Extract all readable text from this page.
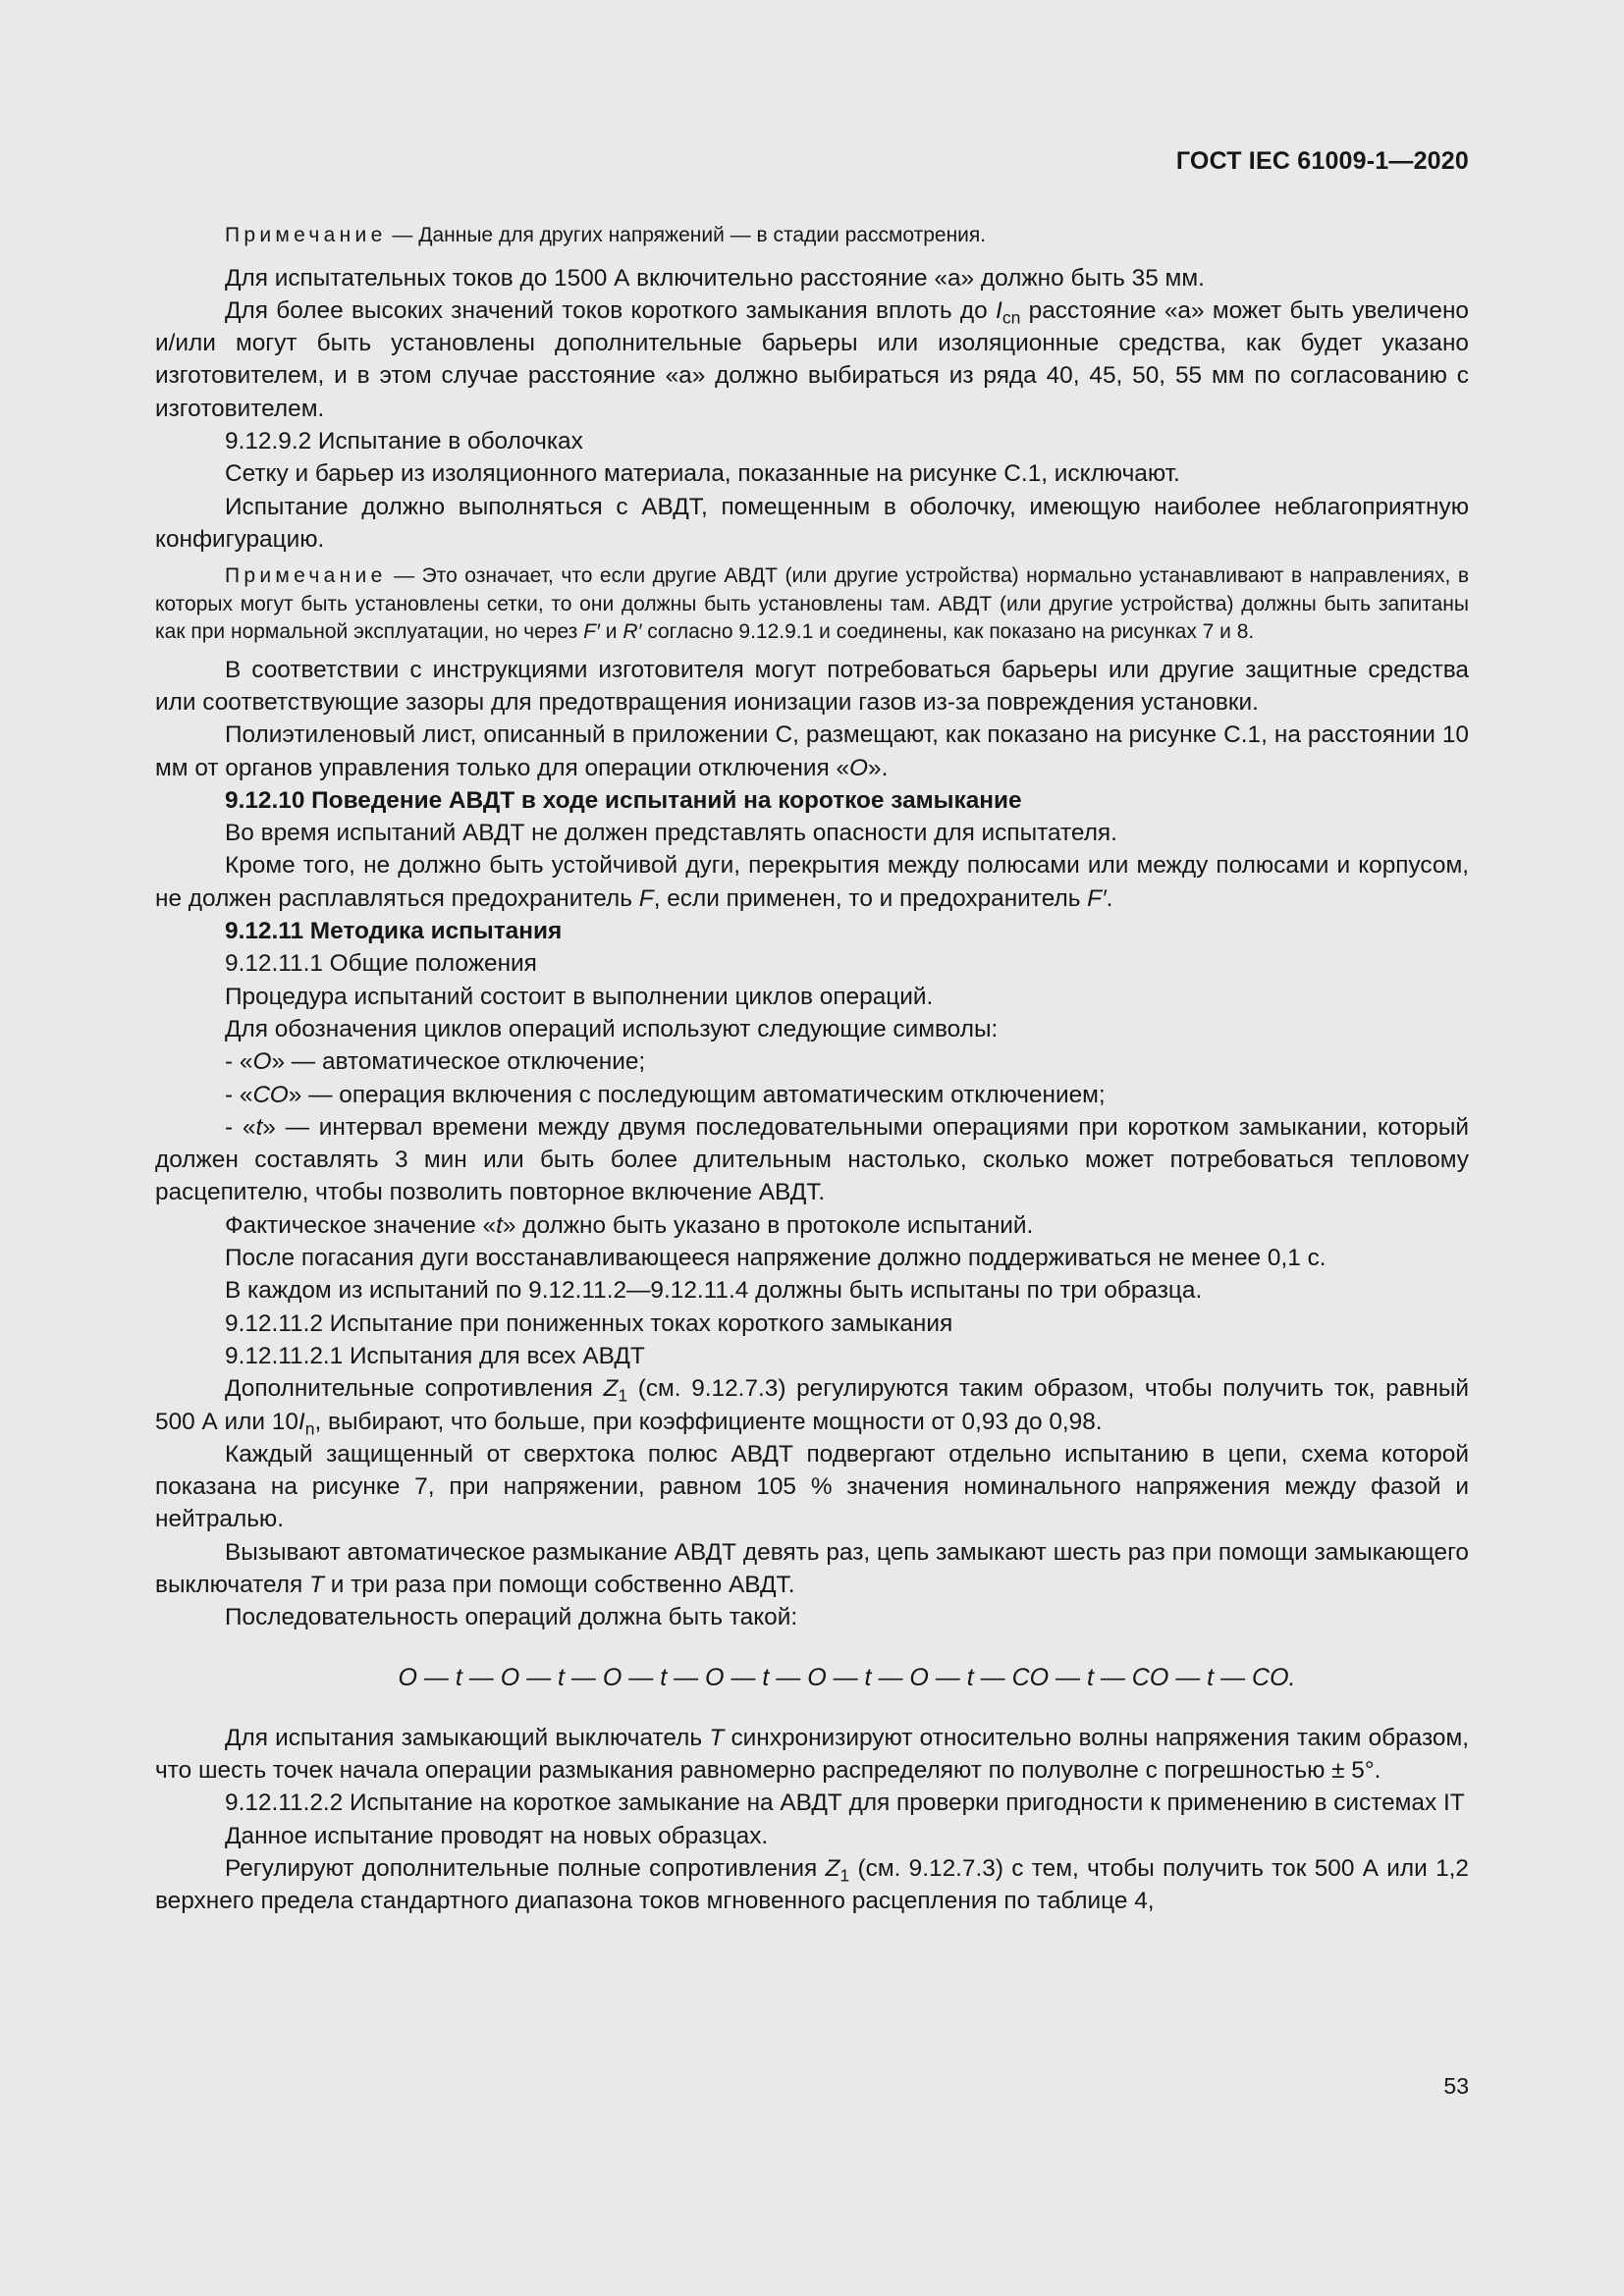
ГОСТ IEC 61009-1—2020

Примечание — Данные для других напряжений — в стадии рассмотрения.

Для испытательных токов до 1500 А включительно расстояние «а» должно быть 35 мм.

Для более высоких значений токов короткого замыкания вплоть до $I_{cn}$ расстояние «а» может быть увеличено и/или могут быть установлены дополнительные барьеры или изоляционные средства, как будет указано изготовителем, и в этом случае расстояние «а» должно выбираться из ряда 40, 45, 50, 55 мм по согласованию с изготовителем.

9.12.9.2 Испытание в оболочках

Сетку и барьер из изоляционного материала, показанные на рисунке С.1, исключают.

Испытание должно выполняться с АВДТ, помещенным в оболочку, имеющую наиболее неблагоприятную конфигурацию.

Примечание — Это означает, что если другие АВДТ (или другие устройства) нормально устанавливают в направлениях, в которых могут быть установлены сетки, то они должны быть установлены там. АВДТ (или другие устройства) должны быть запитаны как при нормальной эксплуатации, но через F′ и R′ согласно 9.12.9.1 и соединены, как показано на рисунках 7 и 8.

В соответствии с инструкциями изготовителя могут потребоваться барьеры или другие защитные средства или соответствующие зазоры для предотвращения ионизации газов из-за повреждения установки.

Полиэтиленовый лист, описанный в приложении С, размещают, как показано на рисунке С.1, на расстоянии 10 мм от органов управления только для операции отключения «О».

9.12.10 Поведение АВДТ в ходе испытаний на короткое замыкание

Во время испытаний АВДТ не должен представлять опасности для испытателя.

Кроме того, не должно быть устойчивой дуги, перекрытия между полюсами или между полюсами и корпусом, не должен расплавляться предохранитель F, если применен, то и предохранитель F′.

9.12.11 Методика испытания

9.12.11.1 Общие положения

Процедура испытаний состоит в выполнении циклов операций.

Для обозначения циклов операций используют следующие символы:

- «О» — автоматическое отключение;

- «СО» — операция включения с последующим автоматическим отключением;

- «t» — интервал времени между двумя последовательными операциями при коротком замыкании, который должен составлять 3 мин или быть более длительным настолько, сколько может потребоваться тепловому расцепителю, чтобы позволить повторное включение АВДТ.

Фактическое значение «t» должно быть указано в протоколе испытаний.

После погасания дуги восстанавливающееся напряжение должно поддерживаться не менее 0,1 с.

В каждом из испытаний по 9.12.11.2—9.12.11.4 должны быть испытаны по три образца.

9.12.11.2 Испытание при пониженных токах короткого замыкания

9.12.11.2.1 Испытания для всех АВДТ

Дополнительные сопротивления $Z_1$ (см. 9.12.7.3) регулируются таким образом, чтобы получить ток, равный 500 А или $10I_n$, выбирают, что больше, при коэффициенте мощности от 0,93 до 0,98.

Каждый защищенный от сверхтока полюс АВДТ подвергают отдельно испытанию в цепи, схема которой показана на рисунке 7, при напряжении, равном 105 % значения номинального напряжения между фазой и нейтралью.

Вызывают автоматическое размыкание АВДТ девять раз, цепь замыкают шесть раз при помощи замыкающего выключателя Т и три раза при помощи собственно АВДТ.

Последовательность операций должна быть такой:

O — t — O — t — O — t — O — t — O — t — O — t — CO — t — CO — t — CO.

Для испытания замыкающий выключатель Т синхронизируют относительно волны напряжения таким образом, что шесть точек начала операции размыкания равномерно распределяют по полуволне с погрешностью ± 5°.

9.12.11.2.2 Испытание на короткое замыкание на АВДТ для проверки пригодности к применению в системах IT

Данное испытание проводят на новых образцах.

Регулируют дополнительные полные сопротивления $Z_1$ (см. 9.12.7.3) с тем, чтобы получить ток 500 А или 1,2 верхнего предела стандартного диапазона токов мгновенного расцепления по таблице 4,

53
